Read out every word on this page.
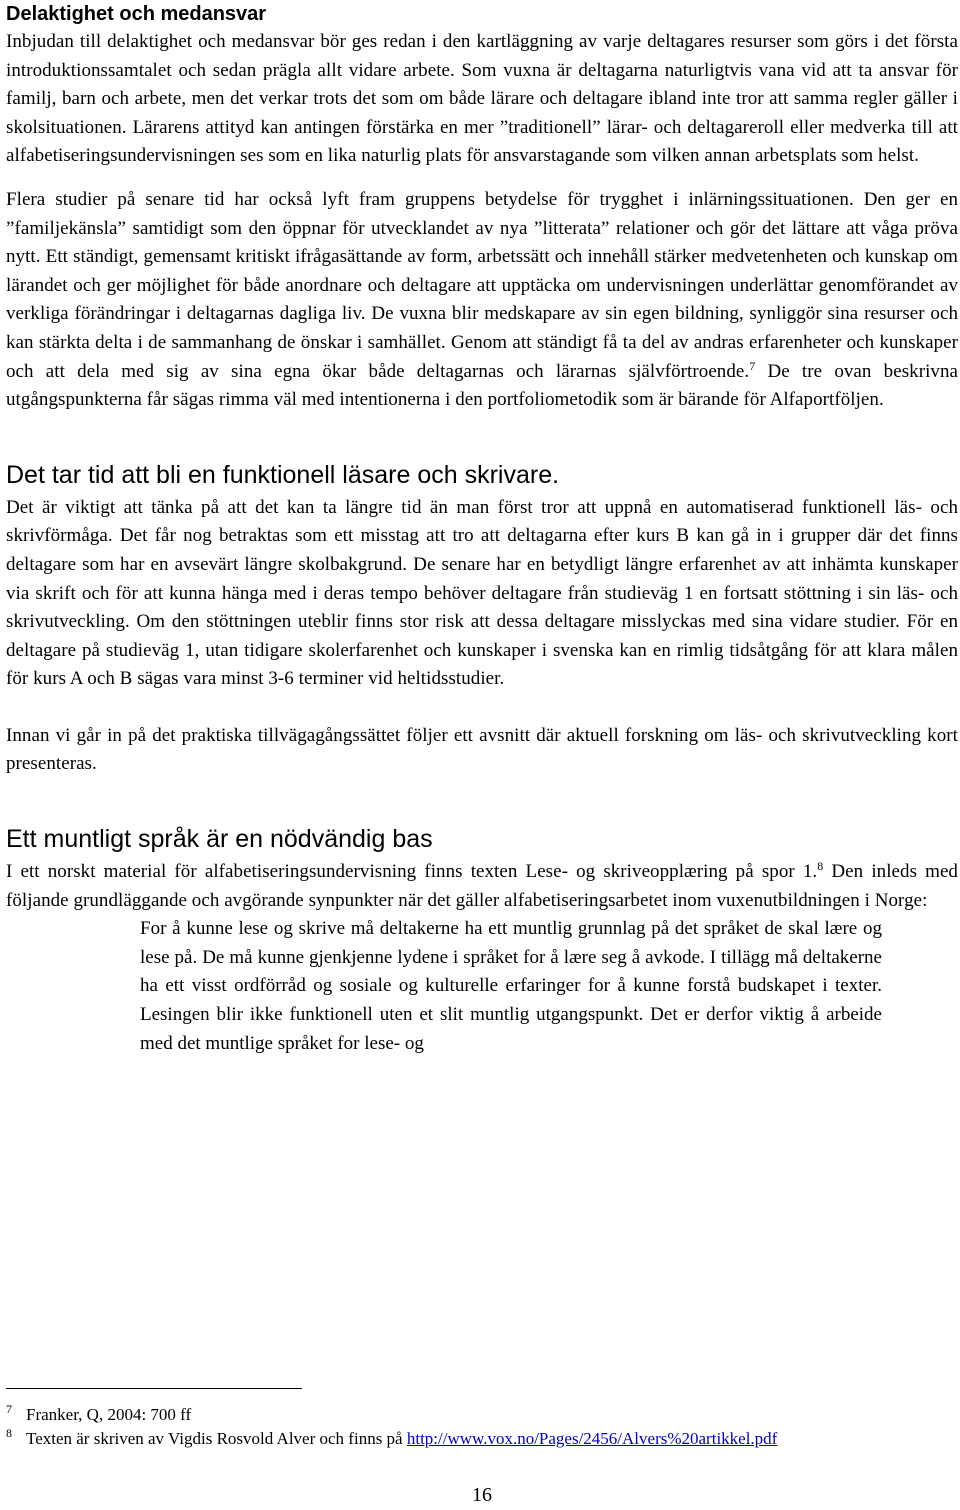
Delaktighet och medansvar

Inbjudan till delaktighet och medansvar bör ges redan i den kartläggning av varje deltagares resurser som görs i det första introduktionssamtalet och sedan prägla allt vidare arbete. Som vuxna är deltagarna naturligtvis vana vid att ta ansvar för familj, barn och arbete, men det verkar trots det som om både lärare och deltagare ibland inte tror att samma regler gäller i skolsituationen. Lärarens attityd kan antingen förstärka en mer ”traditionell” lärar- och deltagareroll eller medverka till att alfabetiseringsundervisningen ses som en lika naturlig plats för ansvarstagande som vilken annan arbetsplats som helst.

Flera studier på senare tid har också lyft fram gruppens betydelse för trygghet i inlärningssituationen. Den ger en ”familjekänsla” samtidigt som den öppnar för utvecklandet av nya ”litterata” relationer och gör det lättare att våga pröva nytt. Ett ständigt, gemensamt kritiskt ifrågasättande av form, arbetssätt och innehåll stärker medvetenheten och kunskap om lärandet och ger möjlighet för både anordnare och deltagare att upptäcka om undervisningen underlättar genomförandet av verkliga förändringar i deltagarnas dagliga liv. De vuxna blir medskapare av sin egen bildning, synliggör sina resurser och kan stärkta delta i de sammanhang de önskar i samhället. Genom att ständigt få ta del av andras erfarenheter och kunskaper och att dela med sig av sina egna ökar både deltagarnas och lärarnas självförtroende.$^7$ De tre ovan beskrivna utgångspunkterna får sägas rimma väl med intentionerna i den portfoliometodik som är bärande för Alfaportföljen.

Det tar tid att bli en funktionell läsare och skrivare.

Det är viktigt att tänka på att det kan ta längre tid än man först tror att uppnå en automatiserad funktionell läs- och skrivförmåga. Det får nog betraktas som ett misstag att tro att deltagarna efter kurs B kan gå in i grupper där det finns deltagare som har en avsevärt längre skolbakgrund. De senare har en betydligt längre erfarenhet av att inhämta kunskaper via skrift och för att kunna hänga med i deras tempo behöver deltagare från studieväg 1 en fortsatt stöttning i sin läs- och skrivutveckling. Om den stöttningen uteblir finns stor risk att dessa deltagare misslyckas med sina vidare studier. För en deltagare på studieväg 1, utan tidigare skolerfarenhet och kunskaper i svenska kan en rimlig tidsåtgång för att klara målen för kurs A och B sägas vara minst 3-6 terminer vid heltidsstudier.

Innan vi går in på det praktiska tillvägagångssättet följer ett avsnitt där aktuell forskning om läs- och skrivutveckling kort presenteras.

Ett muntligt språk är en nödvändig bas

I ett norskt material för alfabetiseringsundervisning finns texten Lese- og skriveopplæring på spor 1.$^8$ Den inleds med följande grundläggande och avgörande synpunkter när det gäller alfabetiseringsarbetet inom vuxenutbildningen i Norge:

For å kunne lese og skrive må deltakerne ha ett muntlig grunnlag på det språket de skal lære og lese på. De må kunne gjenkjenne lydene i språket for å lære seg å avkode. I tillägg må deltakerne ha ett visst ordförråd og sosiale og kulturelle erfaringer for å kunne forstå budskapet i texter. Lesingen blir ikke funktionell uten et slit muntlig utgangspunkt. Det er derfor viktig å arbeide med det muntlige språket for lese- og

7 Franker, Q, 2004: 700 ff
8 Texten är skriven av Vigdis Rosvold Alver och finns på http://www.vox.no/Pages/2456/Alvers%20artikkel.pdf
16
